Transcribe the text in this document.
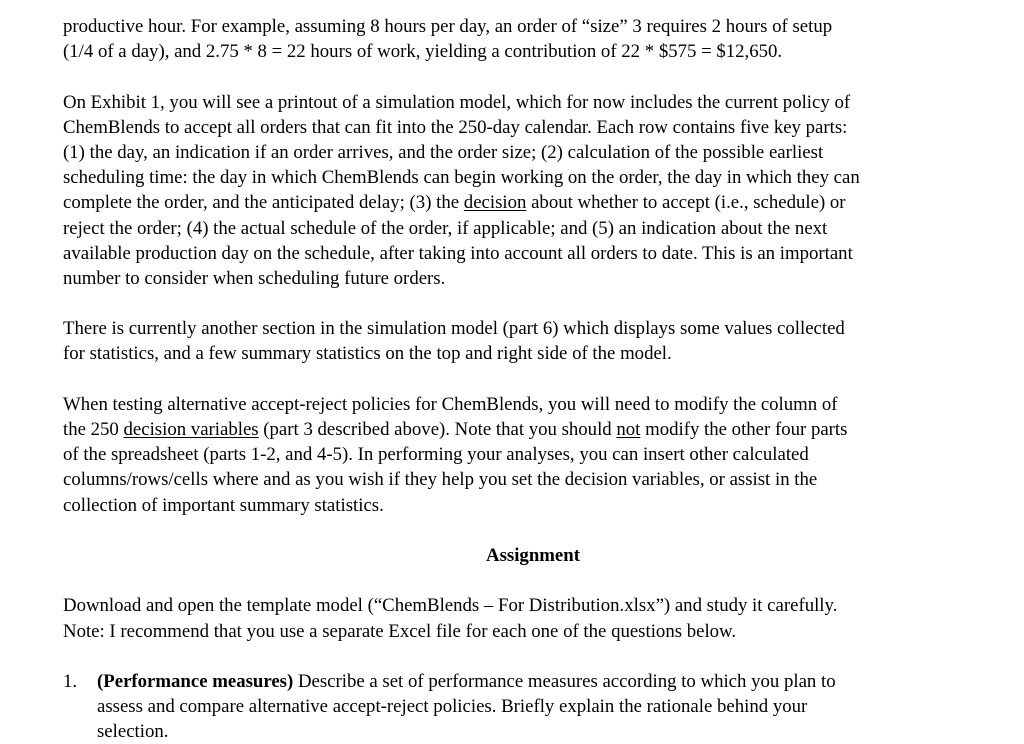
productive hour. For example, assuming 8 hours per day, an order of “size” 3 requires 2 hours of setup
(1/4 of a day), and 2.75 * 8 = 22 hours of work, yielding a contribution of 22 * $575 = $12,650.
On Exhibit 1, you will see a printout of a simulation model, which for now includes the current policy of
ChemBlends to accept all orders that can fit into the 250-day calendar. Each row contains five key parts:
(1) the day, an indication if an order arrives, and the order size; (2) calculation of the possible earliest
scheduling time: the day in which ChemBlends can begin working on the order, the day in which they can
complete the order, and the anticipated delay; (3) the decision about whether to accept (i.e., schedule) or
reject the order; (4) the actual schedule of the order, if applicable; and (5) an indication about the next
available production day on the schedule, after taking into account all orders to date. This is an important
number to consider when scheduling future orders.
There is currently another section in the simulation model (part 6) which displays some values collected
for statistics, and a few summary statistics on the top and right side of the model.
When testing alternative accept-reject policies for ChemBlends, you will need to modify the column of
the 250 decision variables (part 3 described above). Note that you should not modify the other four parts
of the spreadsheet (parts 1-2, and 4-5). In performing your analyses, you can insert other calculated
columns/rows/cells where and as you wish if they help you set the decision variables, or assist in the
collection of important summary statistics.
Assignment
Download and open the template model (“ChemBlends – For Distribution.xlsx”) and study it carefully.
Note: I recommend that you use a separate Excel file for each one of the questions below.
1. (Performance measures) Describe a set of performance measures according to which you plan to
assess and compare alternative accept-reject policies. Briefly explain the rationale behind your
selection.
